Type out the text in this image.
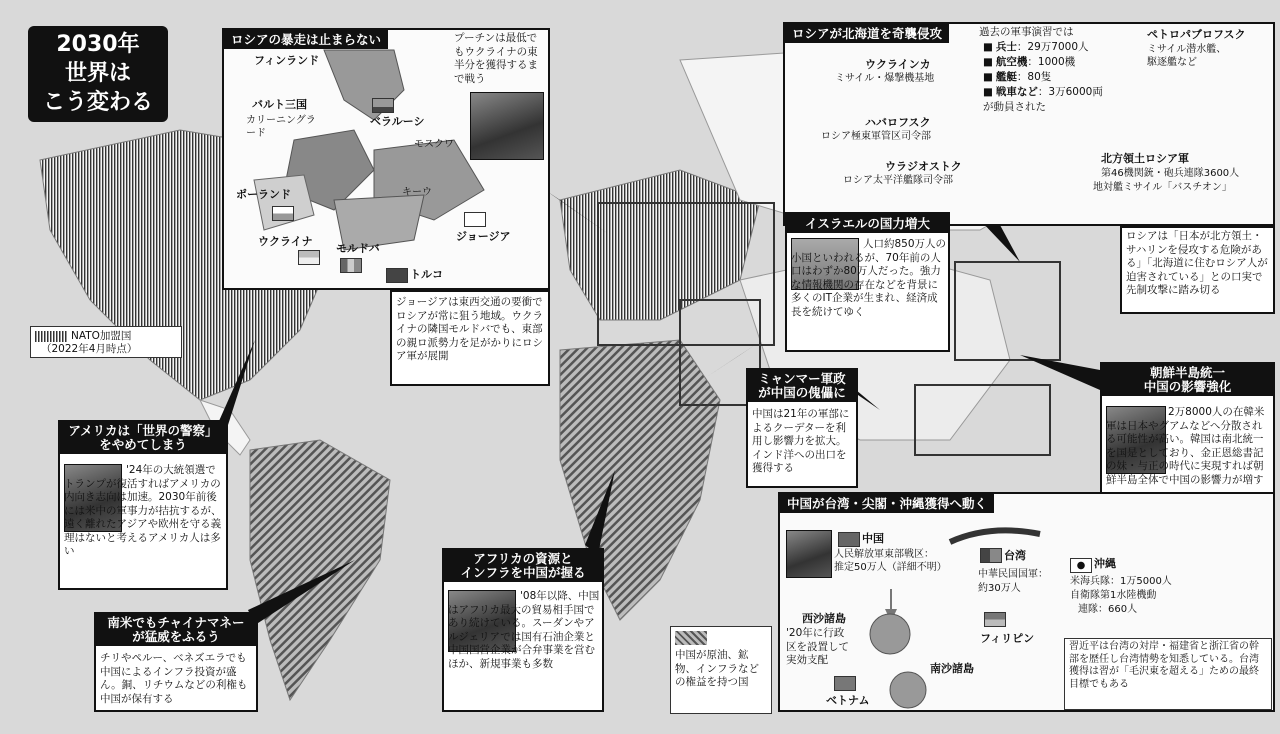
2030年
世界は
こう変わる
NATO加盟国
（2022年4月時点）
ロシアの暴走は止まらない	プーチンは最低でもウクライナの東半分を獲得するまで戦う
フィンランド
バルト三国
カリーニングラード
ベラルーシ
モスクワ
ポーランド	キーウ
ウクライナ
モルドバ
ジョージア
トルコ
ジョージアは東西交通の要衝でロシアが常に狙う地域。ウクライナの隣国モルドバでも、東部の親ロ派勢力を足がかりにロシア軍が展開
ロシアが北海道を奇襲侵攻	過去の軍事演習では
■ 兵士：29万7000人
■ 航空機：1000機
■ 艦艇：80隻
■ 戦車など：3万6000両
が動員された
ペトロパブロフスク
ミサイル潜水艦、
駆逐艦など
ウクラインカ
ミサイル・爆撃機基地
ハバロフスク
ロシア極東軍管区司令部
ウラジオストク
ロシア太平洋艦隊司令部
北方領土ロシア軍
第46機関銃・砲兵連隊3600人
地対艦ミサイル「バスチオン」
ロシアは「日本が北方領土・サハリンを侵攻する危険がある」「北海道に住むロシア人が迫害されている」との口実で先制攻撃に踏み切る
イスラエルの国力増大
人口約850万人の小国といわれるが、70年前の人口はわずか80万人だった。強力な情報機関の存在などを背景に多くのIT企業が生まれ、経済成長を続けてゆく
ミャンマー軍政
が中国の傀儡に
中国は21年の軍部によるクーデターを利用し影響力を拡大。インド洋への出口を獲得する
朝鮮半島統一
中国の影響強化
2万8000人の在韓米軍は日本やグアムなどへ分散される可能性が高い。韓国は南北統一を国是としており、金正恩総書記の妹・与正の時代に実現すれば朝鮮半島全体で中国の影響力が増す
アメリカは「世界の警察」
をやめてしまう
'24年の大統領選でトランプが復活すればアメリカの内向き志向は加速。2030年前後には米中の軍事力が拮抗するが、遠く離れたアジアや欧州を守る義理はないと考えるアメリカ人は多い
南米でもチャイナマネー
が猛威をふるう
チリやペルー、ベネズエラでも中国によるインフラ投資が盛ん。銅、リチウムなどの利権も中国が保有する
アフリカの資源と
インフラを中国が握る
'08年以降、中国はアフリカ最大の貿易相手国であり続けている。スーダンやアルジェリアでは国有石油企業と中国国営企業が合弁事業を営むほか、新規事業も多数
中国が原油、鉱物、インフラなどの権益を持つ国
中国が台湾・尖閣・沖縄獲得へ動く
中国
人民解放軍東部戦区：
推定50万人（詳細不明）
台湾
中華民国国軍：
約30万人
沖縄
米海兵隊：1万5000人
自衛隊第1水陸機動
連隊：660人
西沙諸島
'20年に行政区を設置して実効支配
フィリピン
南沙諸島
ベトナム
習近平は台湾の対岸・福建省と浙江省の幹部を歴任し台湾情勢を知悉している。台湾獲得は習が「毛沢東を超える」ための最終目標でもある
